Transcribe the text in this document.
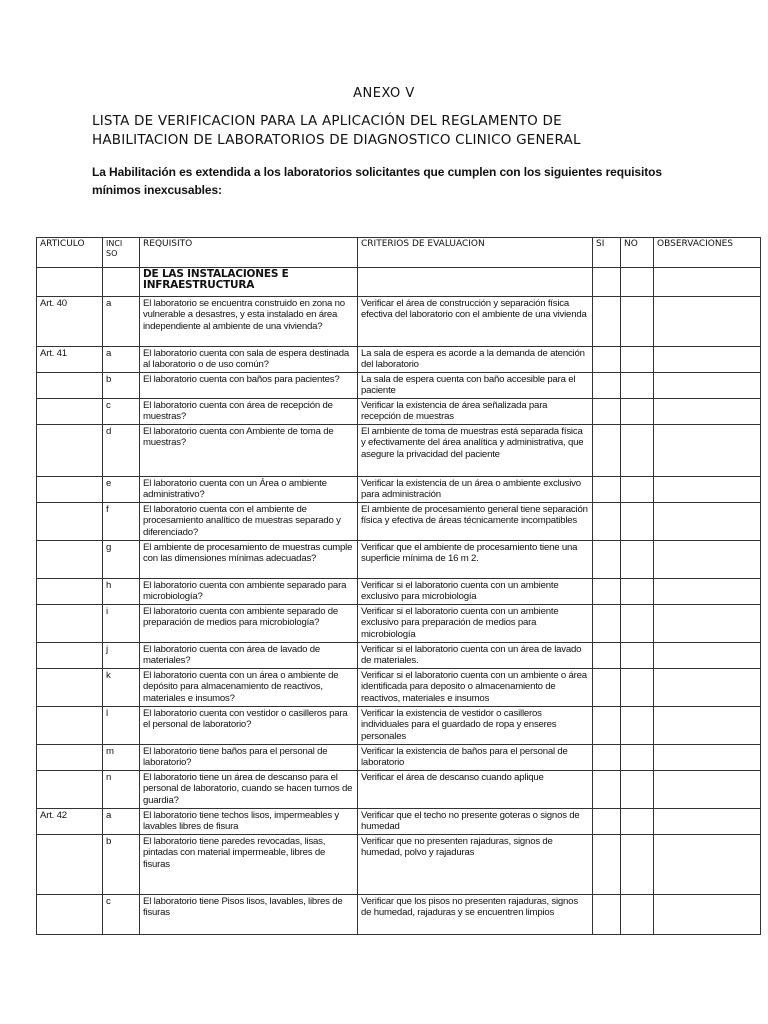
ANEXO V
LISTA DE VERIFICACION PARA LA APLICACIÓN DEL REGLAMENTO DE
HABILITACION DE LABORATORIOS DE DIAGNOSTICO CLINICO GENERAL
La Habilitación es extendida a los laboratorios solicitantes que cumplen con los siguientes requisitos mínimos inexcusables:
ARTICULO	INCI SO	REQUISITO	CRITERIOS DE EVALUACION	SI	NO	OBSERVACIONES
		DE LAS INSTALACIONES E INFRAESTRUCTURA				
Art. 40	a	El laboratorio se encuentra construido en zona no vulnerable a desastres, y esta instalado en área independiente al ambiente de una vivienda?	Verificar el área de construcción y separación física efectiva del laboratorio con el ambiente de una vivienda			
Art. 41	a	El laboratorio cuenta con sala de espera destinada al laboratorio o de uso común?	La sala de espera es acorde a la demanda de atención del laboratorio			
	b	El laboratorio cuenta con baños para pacientes?	La sala de espera cuenta con baño accesible para el paciente			
	c	El laboratorio cuenta con área de recepción de muestras?	Verificar la existencia de área señalizada para recepción de muestras			
	d	El laboratorio cuenta con Ambiente de toma de muestras?	El ambiente de toma de muestras está separada física y efectivamente del área analítica y administrativa, que asegure la privacidad del paciente			
	e	El laboratorio cuenta con un Área o ambiente administrativo?	Verificar la existencia de un área o ambiente exclusivo para administración			
	f	El laboratorio cuenta con el ambiente de procesamiento analítico de muestras separado y diferenciado?	El ambiente de procesamiento general tiene separación física y efectiva de áreas técnicamente incompatibles			
	g	El ambiente de procesamiento de muestras cumple con las dimensiones mínimas adecuadas?	Verificar que el ambiente de procesamiento tiene una superficie mínima de 16 m 2.			
	h	El laboratorio cuenta con ambiente separado para microbiología?	Verificar si el laboratorio cuenta con un ambiente exclusivo para microbiología			
	i	El laboratorio cuenta con ambiente separado de preparación de medios para microbiología?	Verificar si el laboratorio cuenta con un ambiente exclusivo para preparación de medios para microbiología			
	j	El laboratorio cuenta con área de lavado de materiales?	Verificar si el laboratorio cuenta con un área de lavado de materiales.			
	k	El laboratorio cuenta con un área o ambiente de depósito para almacenamiento de reactivos, materiales e insumos?	Verificar si el laboratorio cuenta con un ambiente o área identificada para deposito o almacenamiento de reactivos, materiales e insumos			
	l	El laboratorio cuenta con vestidor o casilleros para el personal de laboratorio?	Verificar la existencia de vestidor o casilleros individuales para el guardado de ropa y enseres personales			
	m	El laboratorio tiene baños para el personal de laboratorio?	Verificar la existencia de baños para el personal de laboratorio			
	n	El laboratorio tiene un área de descanso para el personal de laboratorio, cuando se hacen turnos de guardia?	Verificar el área de descanso cuando aplique			
Art. 42	a	El laboratorio tiene techos lisos, impermeables y lavables libres de fisura	Verificar que el techo no presente goteras o signos de humedad			
	b	El laboratorio tiene paredes revocadas, lisas, pintadas con material impermeable, libres de fisuras	Verificar que no presenten rajaduras, signos de humedad, polvo y rajaduras			
	c	El laboratorio tiene Pisos lisos, lavables, libres de fisuras	Verificar que los pisos no presenten rajaduras, signos de humedad, rajaduras y se encuentren limpios			
